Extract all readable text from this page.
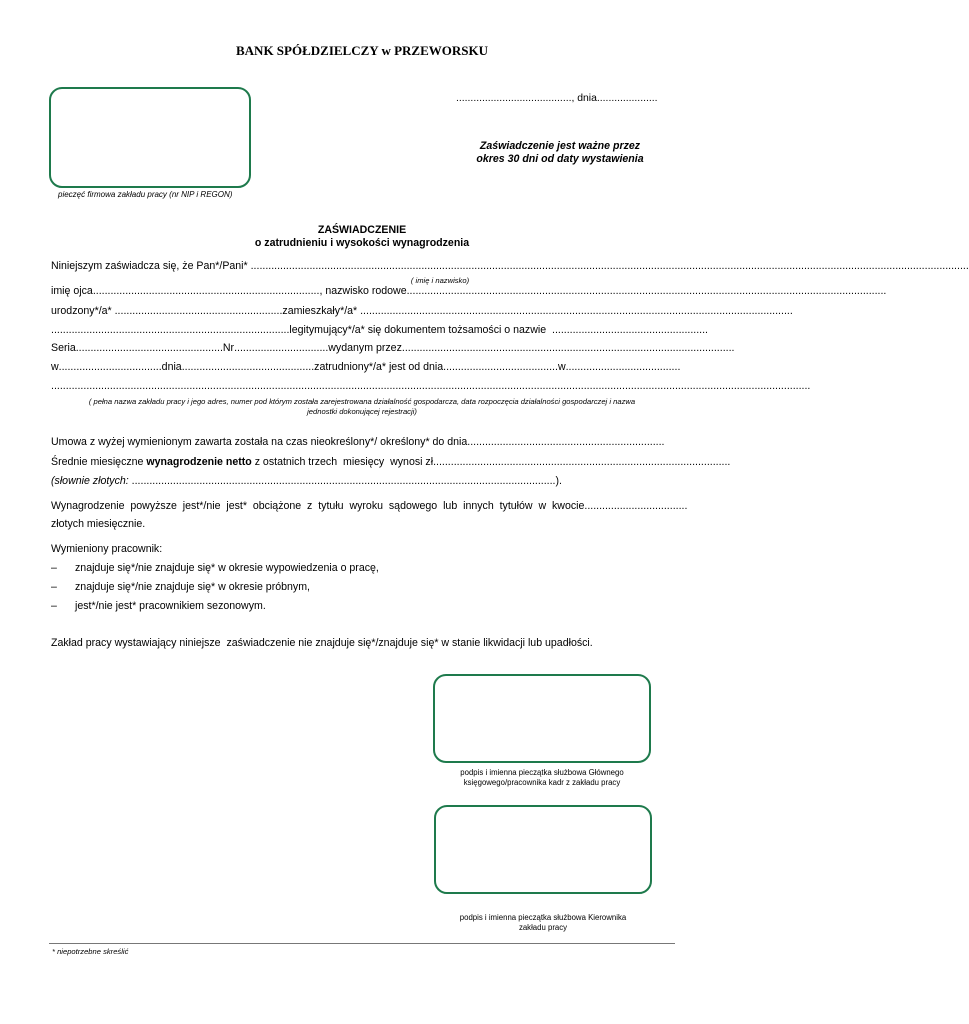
BANK SPÓŁDZIELCZY w PRZEWORSKU
pieczęć firmowa zakładu pracy (nr NIP i REGON)
........................................, dnia.....................
Zaświadczenie jest ważne przez
okres 30 dni od daty wystawienia
ZAŚWIADCZENIE
o zatrudnieniu i wysokości wynagrodzenia
Niniejszym zaświadcza się, że Pan*/Pani* ....................................................................................................................................................................................................................................................
( imię i nazwisko)
imię ojca ............................................................................. , nazwisko rodowe ...................................................................................................................................................................
urodzony*/a* ......................................................... zamieszkały*/a* ...................................................................................................................................................
................................................................................. legitymujący*/a* się dokumentem tożsamości o nazwie .....................................................
Seria .................................................. Nr ................................ wydanym przez .................................................................................................................
w ................................... dnia ............................................. zatrudniony*/a* jest od dnia ....................................... w .......................................
..................................................................................................................................................................................................................................................................
( pełna nazwa zakładu pracy i jego adres, numer pod którym została zarejestrowana działalność gospodarcza, data rozpoczęcia działalności gospodarczej i nazwa
jednostki dokonującej rejestracji)
Umowa z wyżej wymienionym zawarta została na czas nieokreślony*/ określony* do dnia ...................................................................
Średnie miesięczne wynagrodzenie netto z ostatnich trzech  miesięcy  wynosi zł .....................................................................................................
(słownie złotych: ................................................................................................................................................ ).
Wynagrodzenie  powyższe  jest*/nie  jest*  obciążone  z  tytułu  wyroku  sądowego  lub  innych  tytułów  w  kwocie ...................................
złotych miesięcznie.
Wymieniony pracownik:
– znajduje się*/nie znajduje się* w okresie wypowiedzenia o pracę,
– znajduje się*/nie znajduje się* w okresie próbnym,
– jest*/nie jest* pracownikiem sezonowym.
Zakład pracy wystawiający niniejsze  zaświadczenie nie znajduje się*/znajduje się* w stanie likwidacji lub upadłości.
podpis i imienna pieczątka służbowa Głównego
księgowego/pracownika kadr z zakładu pracy
podpis i imienna pieczątka służbowa Kierownika
zakładu pracy
* niepotrzebne skreślić
